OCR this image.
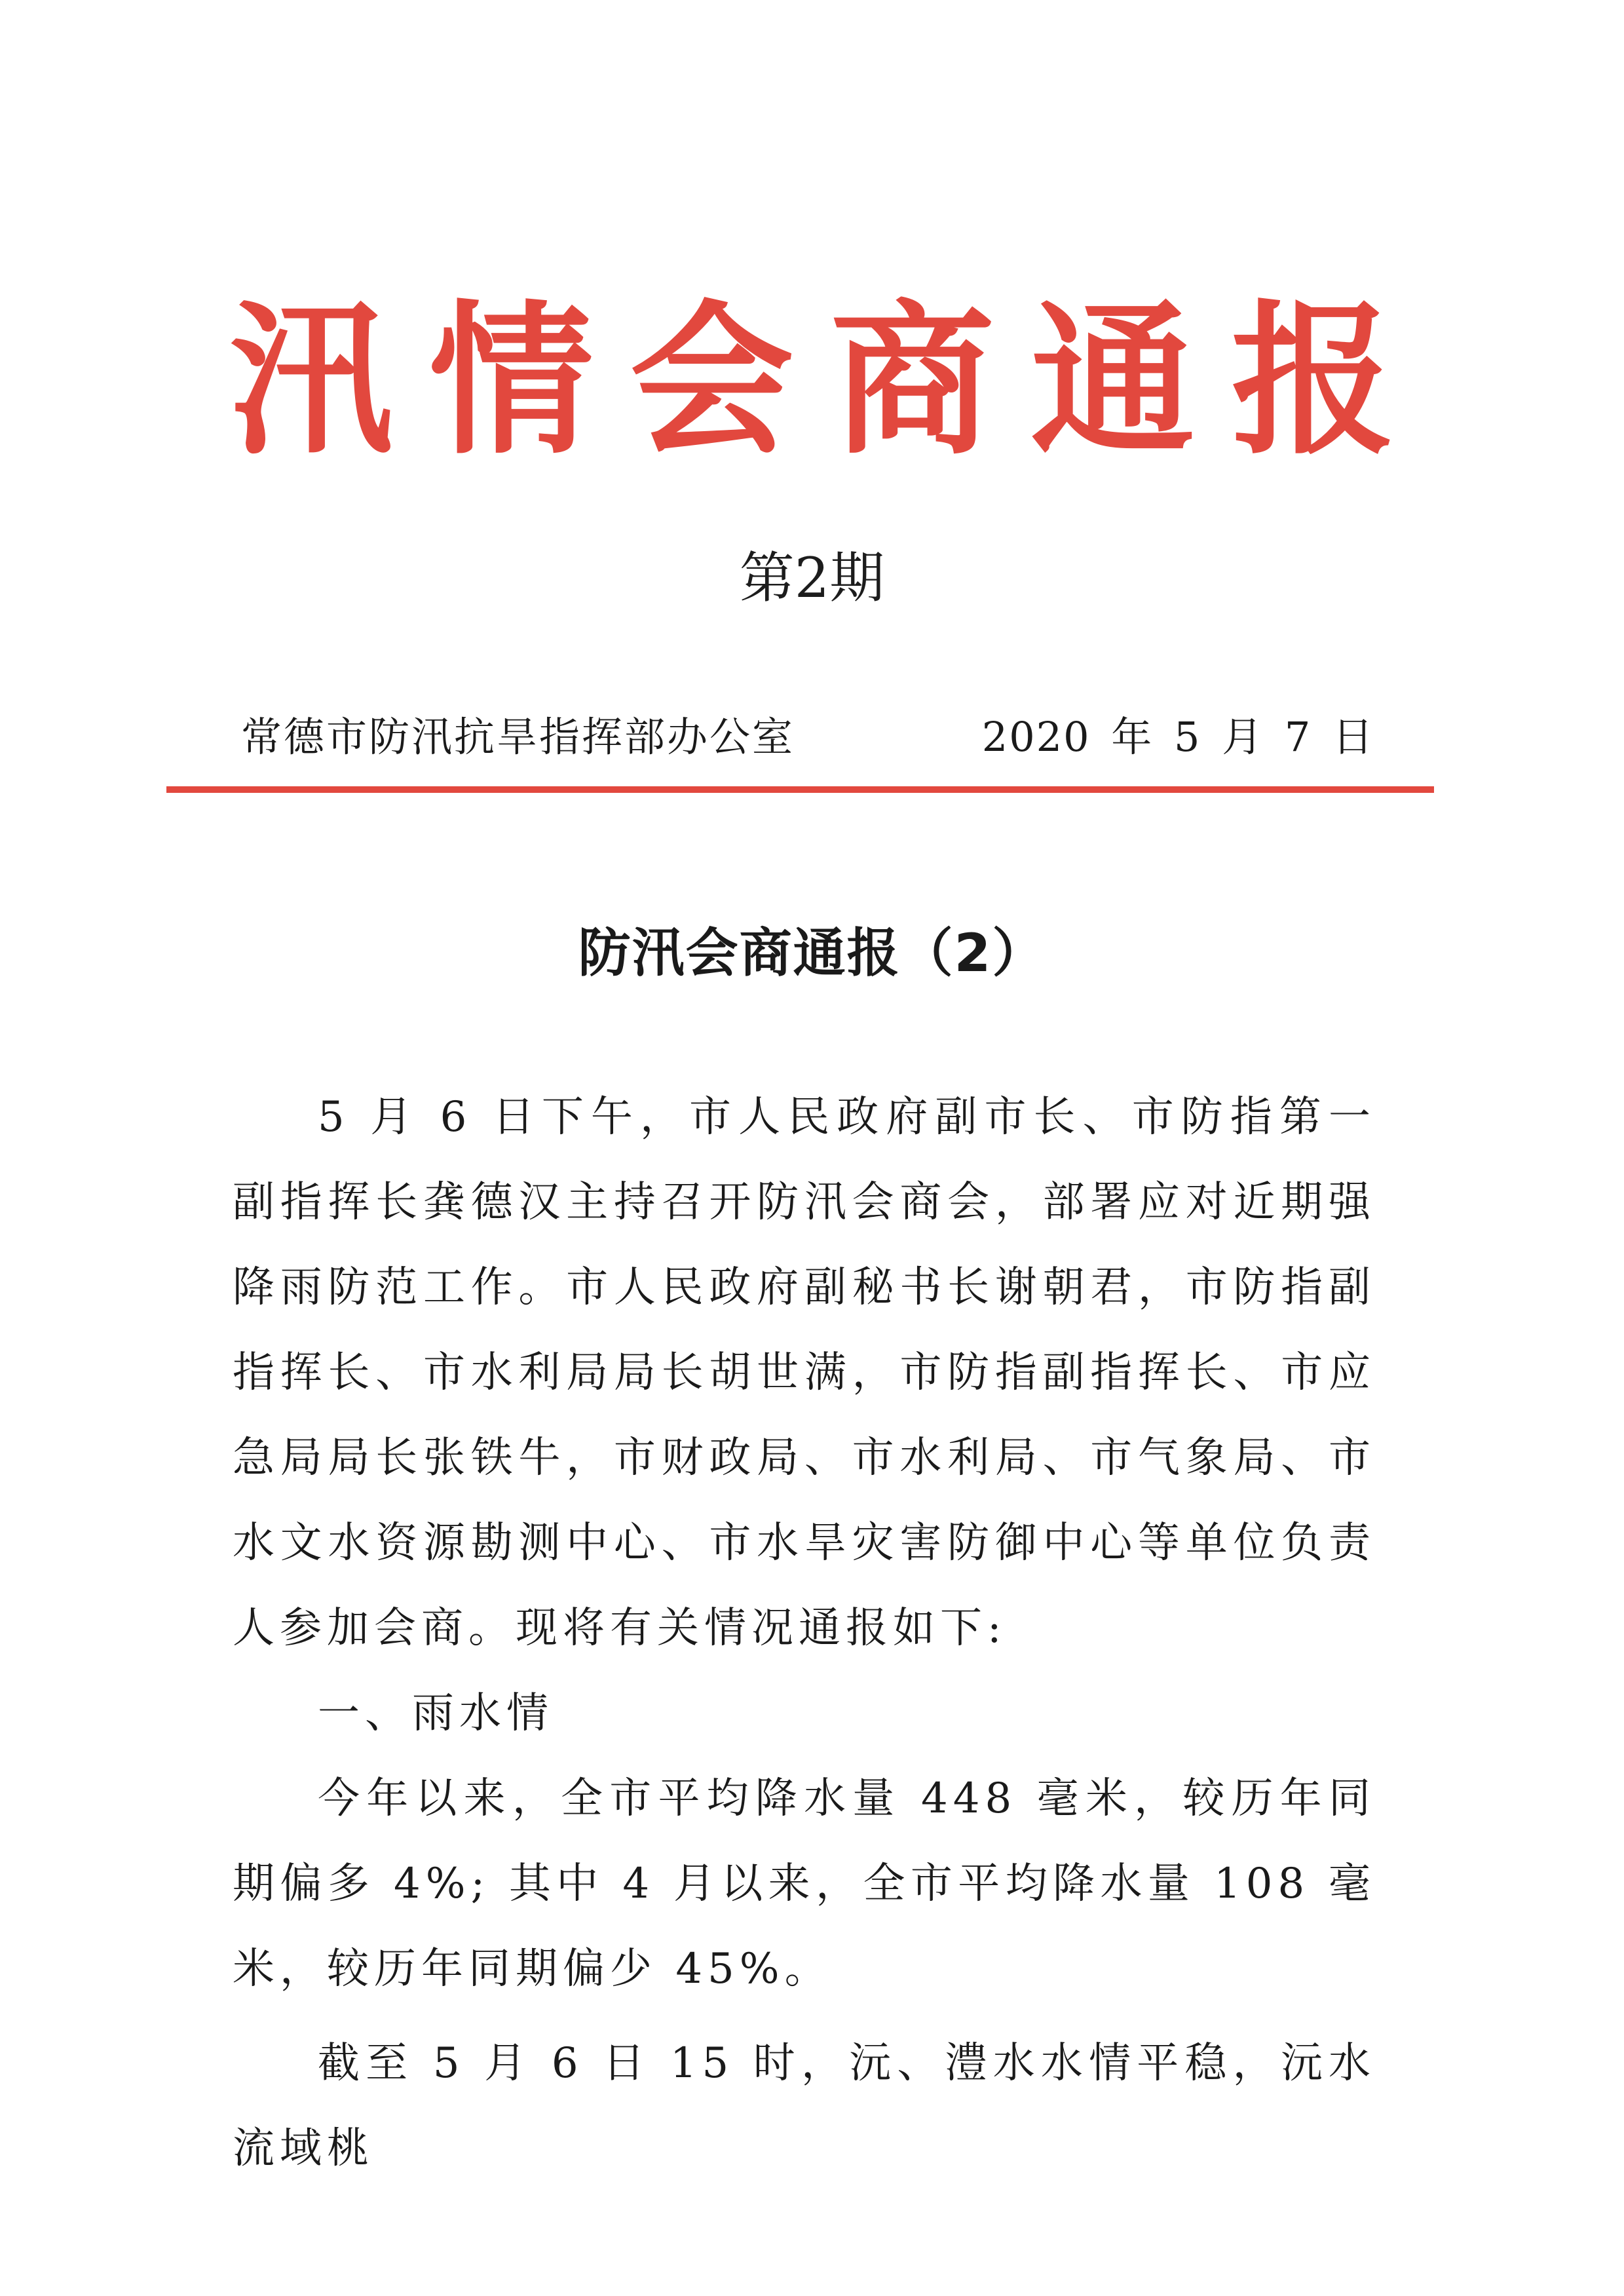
汛情会商通报
第2期
常德市防汛抗旱指挥部办公室	2020 年 5 月 7 日
防汛会商通报（2）

5 月 6 日下午，市人民政府副市长、市防指第一副指挥长龚德汉主持召开防汛会商会，部署应对近期强降雨防范工作。市人民政府副秘书长谢朝君，市防指副指挥长、市水利局局长胡世满，市防指副指挥长、市应急局局长张铁牛，市财政局、市水利局、市气象局、市水文水资源勘测中心、市水旱灾害防御中心等单位负责人参加会商。现将有关情况通报如下:

一、雨水情

今年以来，全市平均降水量 448 毫米，较历年同期偏多 4%; 其中 4 月以来，全市平均降水量 108 毫米，较历年同期偏少 45%。

截至 5 月 6 日 15 时，沅、澧水水情平稳，沅水流域桃
